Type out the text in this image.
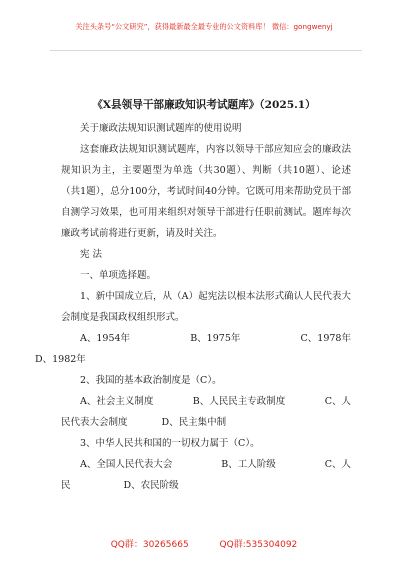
关注头条号“公文研究”，获得最新最全最专业的公文资料库！ 微信：gongwenyj
《X县领导干部廉政知识考试题库》（2025.1）

关于廉政法规知识测试题库的使用说明

这套廉政法规知识测试题库，内容以领导干部应知应会的廉政法规知识为主，主要题型为单选（共30题）、判断（共10题）、论述（共1题），总分100分，考试时间40分钟。它既可用来帮助党员干部自测学习效果，也可用来组织对领导干部进行任职前测试。题库每次廉政考试前将进行更新，请及时关注。

宪 法

一、单项选择题。

1、新中国成立后，从（A）起宪法以根本法形式确认人民代表大会制度是我国政权组织形式。

A、1954年	B、1975年	C、1978年
D、1982年

2、我国的基本政治制度是（C）。

A、社会主义制度	B、人民民主专政制度	C、人
民代表大会制度	D、民主集中制

3、中华人民共和国的一切权力属于（C）。

A、全国人民代表大会	B、工人阶级	C、人
民	D、农民阶级
QQ群：30265665	QQ群:535304092
